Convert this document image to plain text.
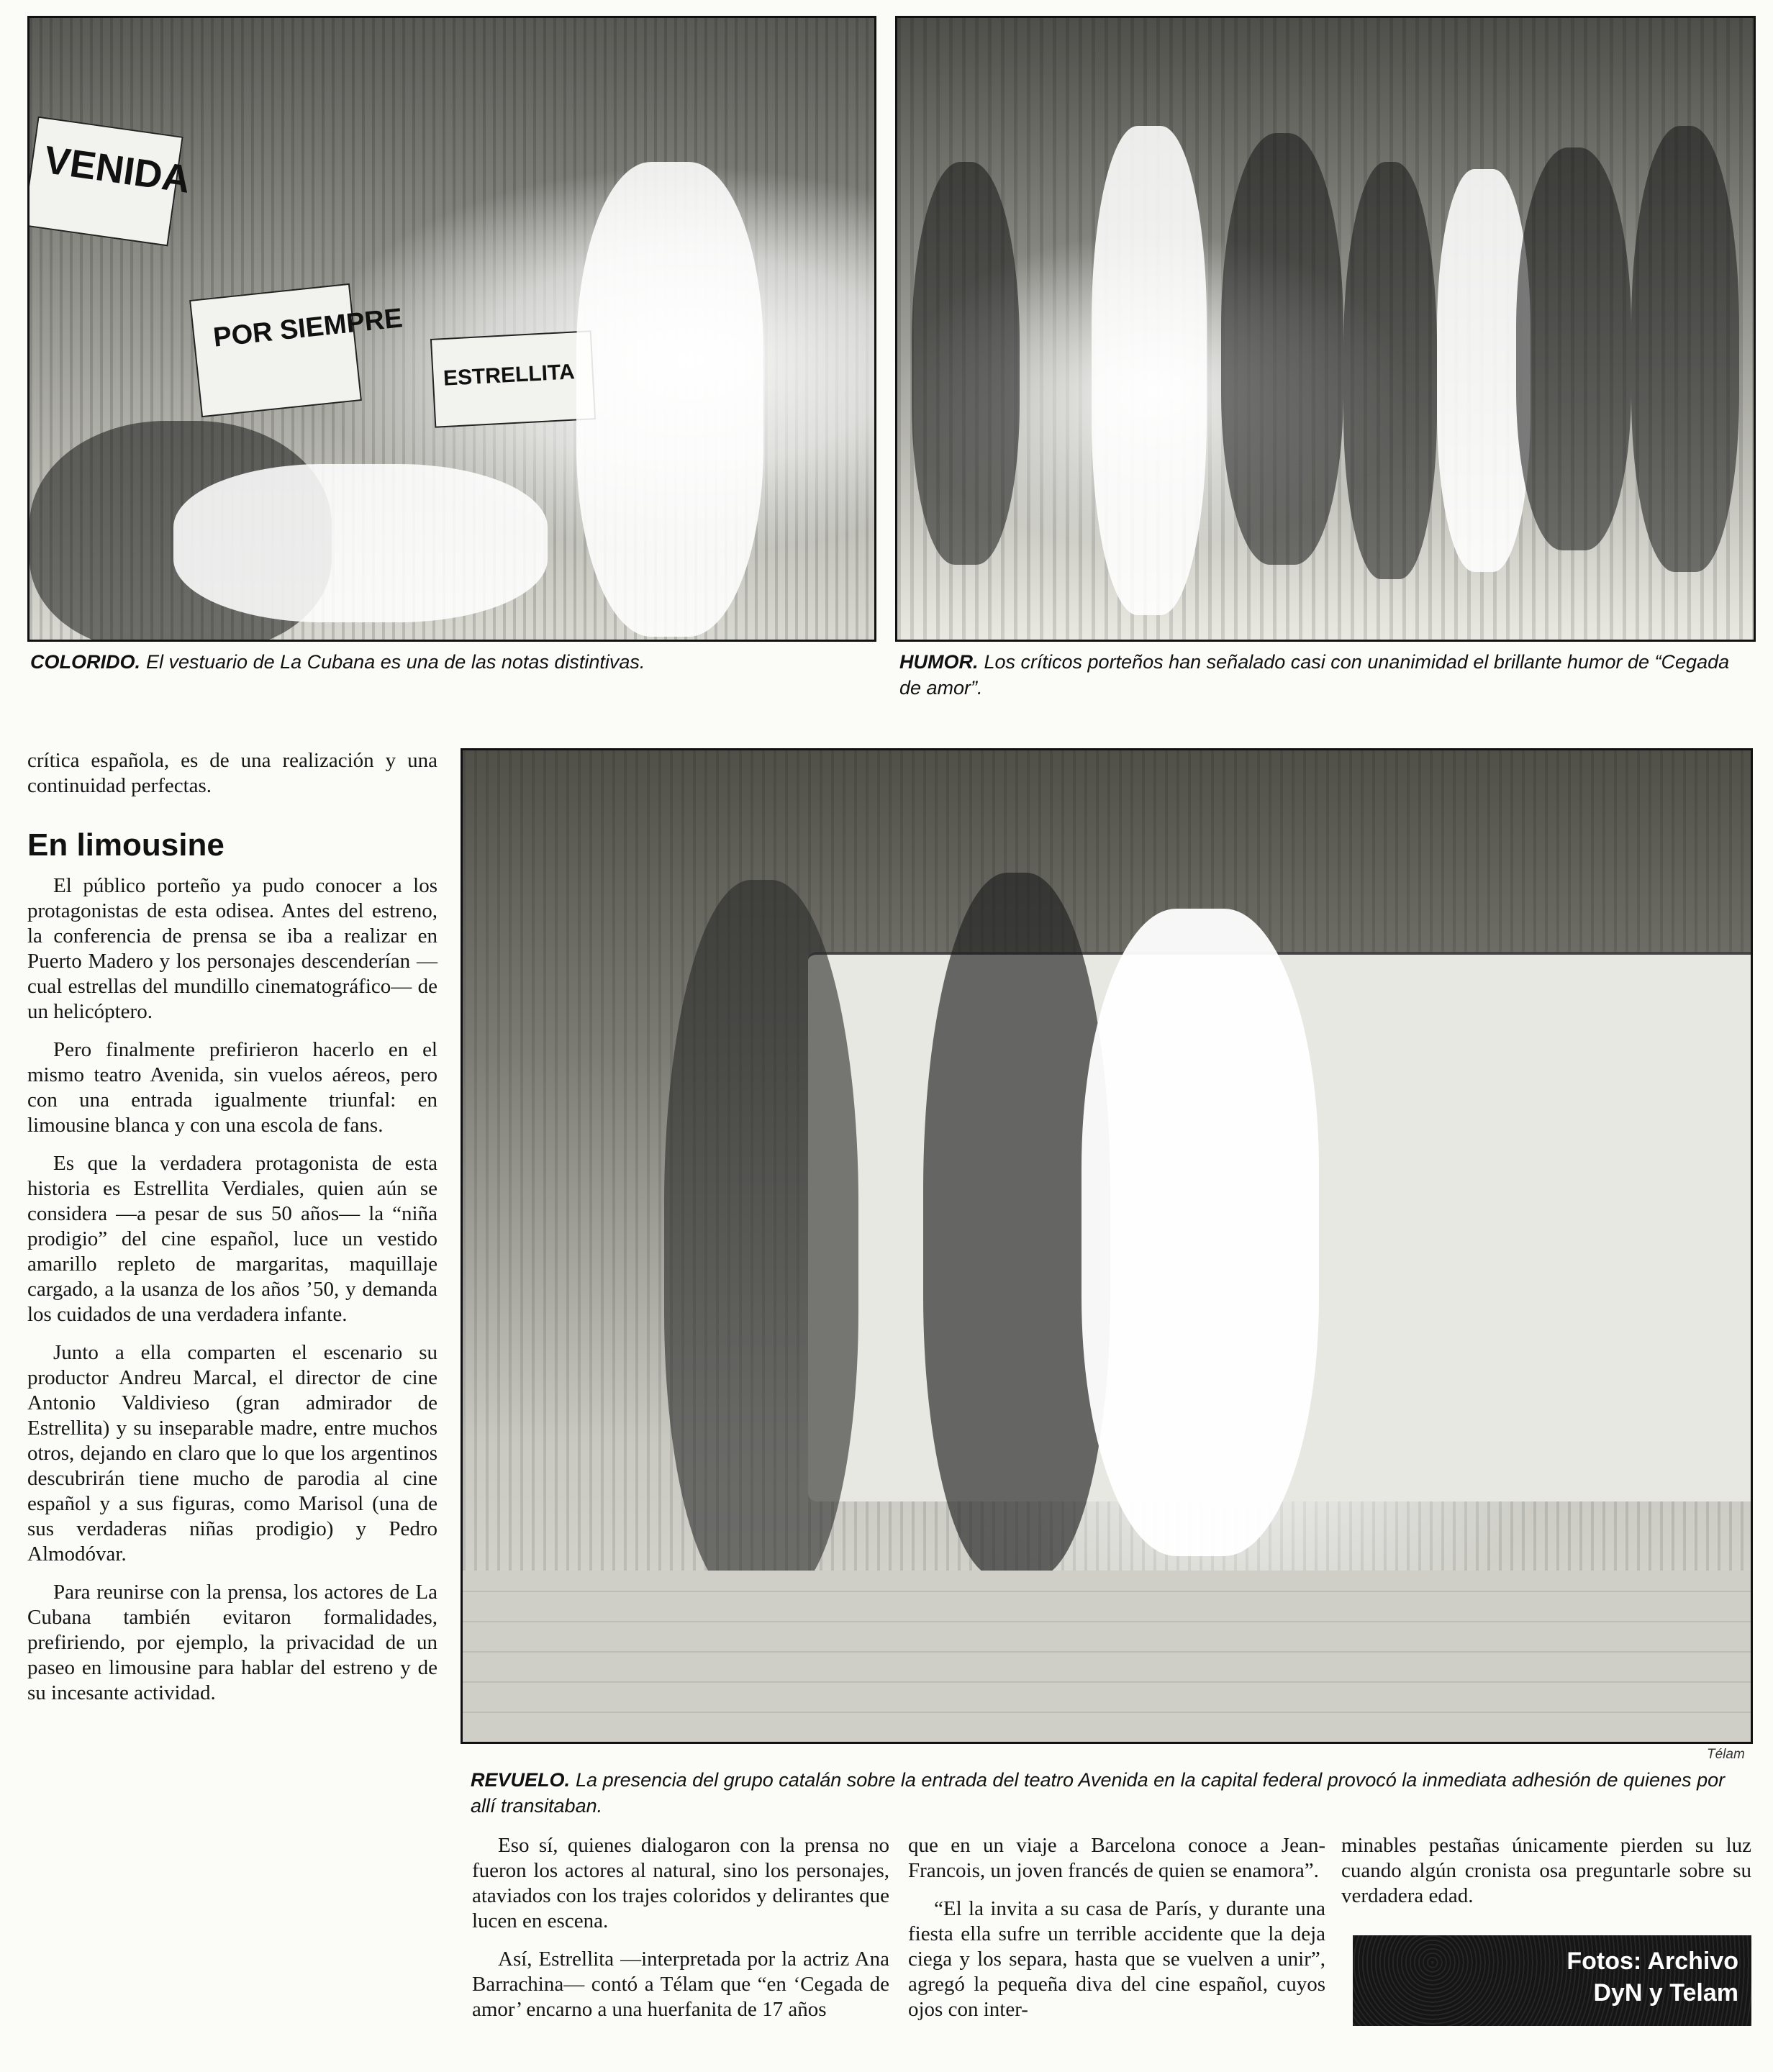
VENIDA
POR SIEMPRE
ESTRELLITA
COLORIDO. El vestuario de La Cubana es una de las notas distintivas.	HUMOR. Los críticos porteños han señalado casi con unanimidad el brillante humor de “Cegada de amor”.

crítica española, es de una realización y una continuidad perfectas.

En limousine

El público porteño ya pudo conocer a los protagonistas de esta odisea. Antes del estreno, la conferencia de prensa se iba a realizar en Puerto Madero y los personajes descenderían —cual estrellas del mundillo cinematográfico— de un helicóptero.

Pero finalmente prefirieron hacerlo en el mismo teatro Avenida, sin vuelos aéreos, pero con una entrada igualmente triunfal: en limousine blanca y con una escola de fans.

Es que la verdadera protagonista de esta historia es Estrellita Verdiales, quien aún se considera —a pesar de sus 50 años— la “niña prodigio” del cine español, luce un vestido amarillo repleto de margaritas, maquillaje cargado, a la usanza de los años ’50, y demanda los cuidados de una verdadera infante.

Junto a ella comparten el escenario su productor Andreu Marcal, el director de cine Antonio Valdivieso (gran admirador de Estrellita) y su inseparable madre, entre muchos otros, dejando en claro que lo que los argentinos descubrirán tiene mucho de parodia al cine español y a sus figuras, como Marisol (una de sus verdaderas niñas prodigio) y Pedro Almodóvar.

Para reunirse con la prensa, los actores de La Cubana también evitaron formalidades, prefiriendo, por ejemplo, la privacidad de un paseo en limousine para hablar del estreno y de su incesante actividad.

Télam
REVUELO. La presencia del grupo catalán sobre la entrada del teatro Avenida en la capital federal provocó la inmediata adhesión de quienes por allí transitaban.

Eso sí, quienes dialogaron con la prensa no fueron los actores al natural, sino los personajes, ataviados con los trajes coloridos y delirantes que lucen en escena.

Así, Estrellita —interpretada por la actriz Ana Barrachina— contó a Télam que “en ‘Cegada de amor’ encarno a una huerfanita de 17 años

que en un viaje a Barcelona conoce a Jean-Francois, un joven francés de quien se enamora”.

“El la invita a su casa de París, y durante una fiesta ella sufre un terrible accidente que la deja ciega y los separa, hasta que se vuelven a unir”, agregó la pequeña diva del cine español, cuyos ojos con inter-

minables pestañas únicamente pierden su luz cuando algún cronista osa preguntarle sobre su verdadera edad.

Fotos: Archivo
DyN y Telam
